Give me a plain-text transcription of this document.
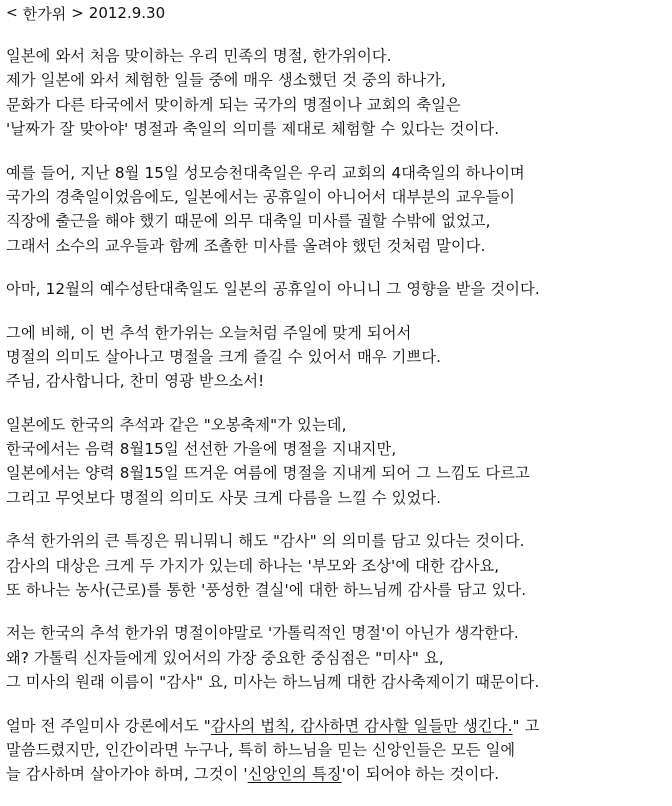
< 한가위 > 2012.9.30
일본에 와서 처음 맞이하는 우리 민족의 명절, 한가위이다.
제가 일본에 와서 체험한 일들 중에 매우 생소했던 것 중의 하나가,
문화가 다른 타국에서 맞이하게 되는 국가의 명절이나 교회의 축일은
'날짜가 잘 맞아야' 명절과 축일의 의미를 제대로 체험할 수 있다는 것이다.
예를 들어, 지난 8월 15일 성모승천대축일은 우리 교회의 4대축일의 하나이며
국가의 경축일이었음에도, 일본에서는 공휴일이 아니어서 대부분의 교우들이
직장에 출근을 해야 했기 때문에 의무 대축일 미사를 궐할 수밖에 없었고,
그래서 소수의 교우들과 함께 조촐한 미사를 올려야 했던 것처럼 말이다.
아마, 12월의 예수성탄대축일도 일본의 공휴일이 아니니 그 영향을 받을 것이다.
그에 비해, 이 번 추석 한가위는 오늘처럼 주일에 맞게 되어서
명절의 의미도 살아나고 명절을 크게 즐길 수 있어서 매우 기쁘다.
주님, 감사합니다, 찬미 영광 받으소서!
일본에도 한국의 추석과 같은 "오봉축제"가 있는데,
한국에서는 음력 8월15일 선선한 가을에 명절을 지내지만,
일본에서는 양력 8월15일 뜨거운 여름에 명절을 지내게 되어 그 느낌도 다르고
그리고 무엇보다 명절의 의미도 사뭇 크게 다름을 느낄 수 있었다.
추석 한가위의 큰 특징은 뭐니뭐니 해도 "감사" 의 의미를 담고 있다는 것이다.
감사의 대상은 크게 두 가지가 있는데 하나는 '부모와 조상'에 대한 감사요,
또 하나는 농사(근로)를 통한 '풍성한 결실'에 대한 하느님께 감사를 담고 있다.
저는 한국의 추석 한가위 명절이야말로 '가톨릭적인 명절'이 아닌가 생각한다.
왜? 가톨릭 신자들에게 있어서의 가장 중요한 중심점은 "미사" 요,
그 미사의 원래 이름이 "감사" 요, 미사는 하느님께 대한 감사축제이기 때문이다.
얼마 전 주일미사 강론에서도 "감사의 법칙, 감사하면 감사할 일들만 생긴다." 고
말씀드렸지만, 인간이라면 누구나, 특히 하느님을 믿는 신앙인들은 모든 일에
늘 감사하며 살아가야 하며, 그것이 '신앙인의 특징'이 되어야 하는 것이다.
